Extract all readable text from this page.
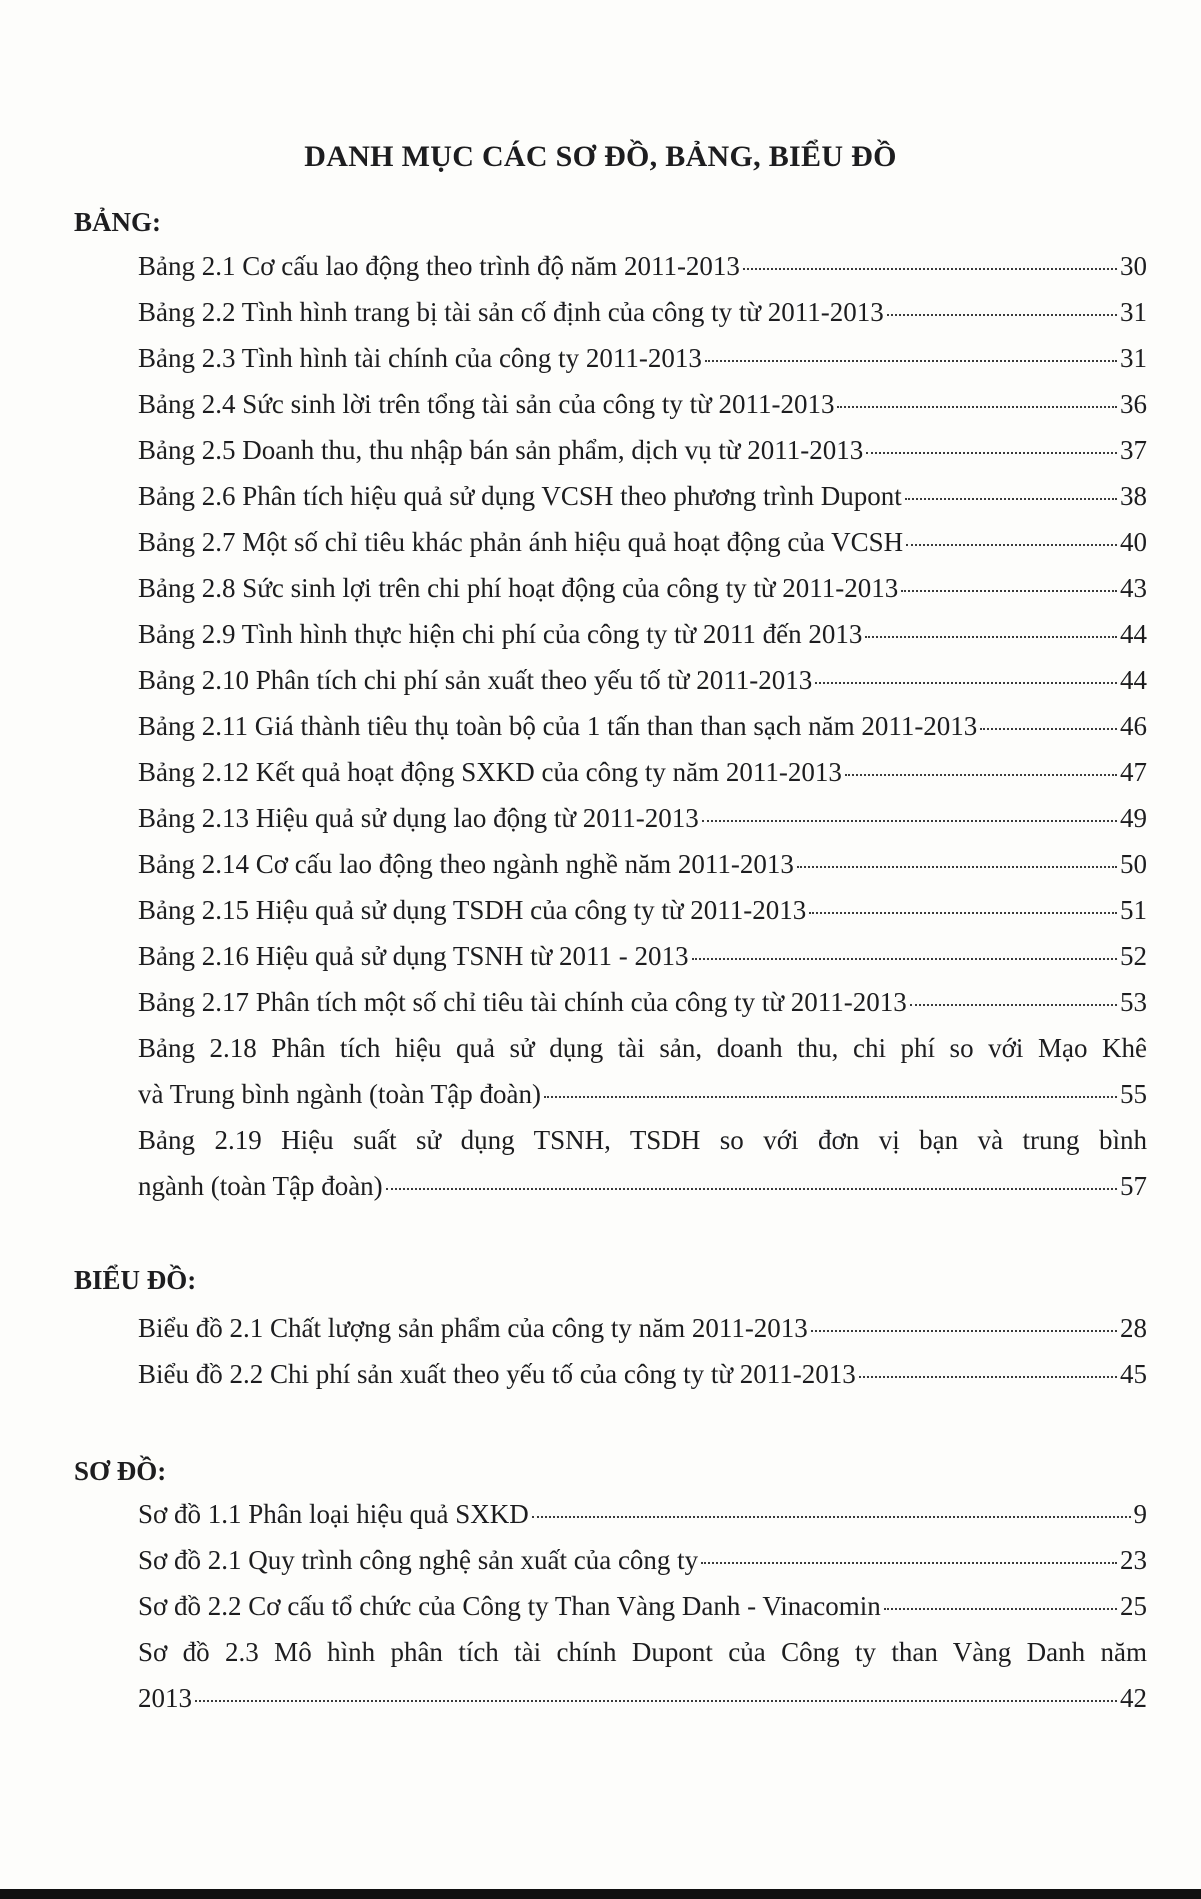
DANH MỤC CÁC SƠ ĐỒ, BẢNG, BIỂU ĐỒ
BẢNG:
Bảng 2.1 Cơ cấu lao động theo trình độ năm 2011-2013	30
Bảng 2.2 Tình hình trang bị tài sản cố định của công ty từ 2011-2013	31
Bảng 2.3 Tình hình tài chính của công ty 2011-2013	31
Bảng 2.4 Sức sinh lời trên tổng tài sản của công ty từ 2011-2013	36
Bảng 2.5 Doanh thu, thu nhập bán sản phẩm, dịch vụ từ 2011-2013	37
Bảng 2.6 Phân tích hiệu quả sử dụng VCSH theo phương trình Dupont	38
Bảng 2.7 Một số chỉ tiêu khác phản ánh hiệu quả hoạt động của VCSH	40
Bảng 2.8 Sức sinh lợi trên chi phí hoạt động của công ty từ 2011-2013	43
Bảng 2.9 Tình hình thực hiện chi phí của công ty từ 2011 đến 2013	44
Bảng 2.10 Phân tích chi phí sản xuất theo yếu tố từ 2011-2013	44
Bảng 2.11 Giá thành tiêu thụ toàn bộ của 1 tấn than than sạch năm 2011-2013	46
Bảng 2.12 Kết quả hoạt động SXKD của công ty năm 2011-2013	47
Bảng 2.13 Hiệu quả sử dụng lao động từ 2011-2013	49
Bảng 2.14 Cơ cấu lao động theo ngành nghề năm 2011-2013	50
Bảng 2.15 Hiệu quả sử dụng TSDH của công ty từ 2011-2013	51
Bảng 2.16 Hiệu quả sử dụng TSNH từ 2011 - 2013	52
Bảng 2.17 Phân tích một số chỉ tiêu tài chính của công ty từ 2011-2013	53
Bảng 2.18 Phân tích hiệu quả sử dụng tài sản, doanh thu, chi phí so với Mạo Khê
và Trung bình ngành (toàn Tập đoàn)	55
Bảng 2.19 Hiệu suất sử dụng TSNH, TSDH so với đơn vị bạn và trung bình
ngành (toàn Tập đoàn)	57
BIỂU ĐỒ:
Biểu đồ 2.1 Chất lượng sản phẩm của công ty năm 2011-2013	28
Biểu đồ 2.2 Chi phí sản xuất theo yếu tố của công ty từ 2011-2013	45
SƠ ĐỒ:
Sơ đồ 1.1 Phân loại hiệu quả SXKD	9
Sơ đồ 2.1 Quy trình công nghệ sản xuất của công ty	23
Sơ đồ 2.2 Cơ cấu tổ chức của Công ty Than Vàng Danh - Vinacomin	25
Sơ đồ 2.3 Mô hình phân tích tài chính Dupont của Công ty than Vàng Danh năm
2013	42
